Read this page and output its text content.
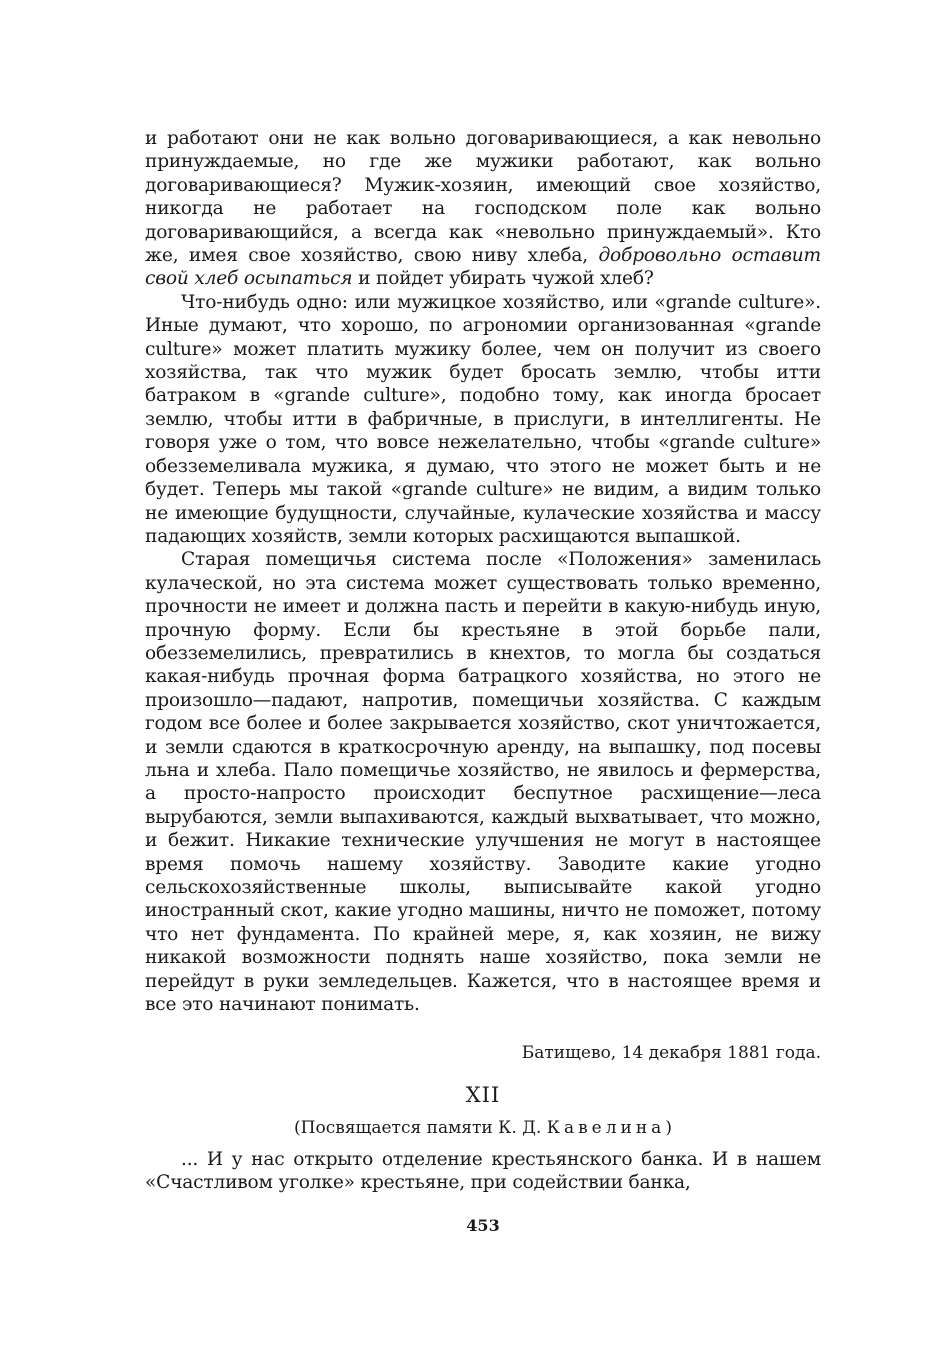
и работают они не как вольно договаривающиеся, а как невольно принуждаемые, но где же мужики работают, как вольно договаривающиеся? Мужик-хозяин, имеющий свое хозяйство, никогда не работает на господском поле как вольно договаривающийся, а всегда как «невольно принуждаемый». Кто же, имея свое хозяйство, свою ниву хлеба, добровольно оставит свой хлеб осыпаться и пойдет убирать чужой хлеб?

Что-нибудь одно: или мужицкое хозяйство, или «grande culture». Иные думают, что хорошо, по агрономии организованная «grande culture» может платить мужику более, чем он получит из своего хозяйства, так что мужик будет бросать землю, чтобы итти батраком в «grande culture», подобно тому, как иногда бросает землю, чтобы итти в фабричные, в прислуги, в интеллигенты. Не говоря уже о том, что вовсе нежелательно, чтобы «grande culture» обезземеливала мужика, я думаю, что этого не может быть и не будет. Теперь мы такой «grande culture» не видим, а видим только не имеющие будущности, случайные, кулаческие хозяйства и массу падающих хозяйств, земли которых расхищаются выпашкой.

Старая помещичья система после «Положения» заменилась кулаческой, но эта система может существовать только временно, прочности не имеет и должна пасть и перейти в какую-нибудь иную, прочную форму. Если бы крестьяне в этой борьбе пали, обезземелились, превратились в кнехтов, то могла бы создаться какая-нибудь прочная форма батрацкого хозяйства, но этого не произошло—падают, напротив, помещичьи хозяйства. С каждым годом все более и более закрывается хозяйство, скот уничтожается, и земли сдаются в краткосрочную аренду, на выпашку, под посевы льна и хлеба. Пало помещичье хозяйство, не явилось и фермерства, а просто-напросто происходит беспутное расхищение—леса вырубаются, земли выпахиваются, каждый выхватывает, что можно, и бежит. Никакие технические улучшения не могут в настоящее время помочь нашему хозяйству. Заводите какие угодно сельскохозяйственные школы, выписывайте какой угодно иностранный скот, какие угодно машины, ничто не поможет, потому что нет фундамента. По крайней мере, я, как хозяин, не вижу никакой возможности поднять наше хозяйство, пока земли не перейдут в руки земледельцев. Кажется, что в настоящее время и все это начинают понимать.

Батищево, 14 декабря 1881 года.
XII
(Посвящается памяти К. Д. Кавелина)

... И у нас открыто отделение крестьянского банка. И в нашем «Счастливом уголке» крестьяне, при содействии банка,

453
